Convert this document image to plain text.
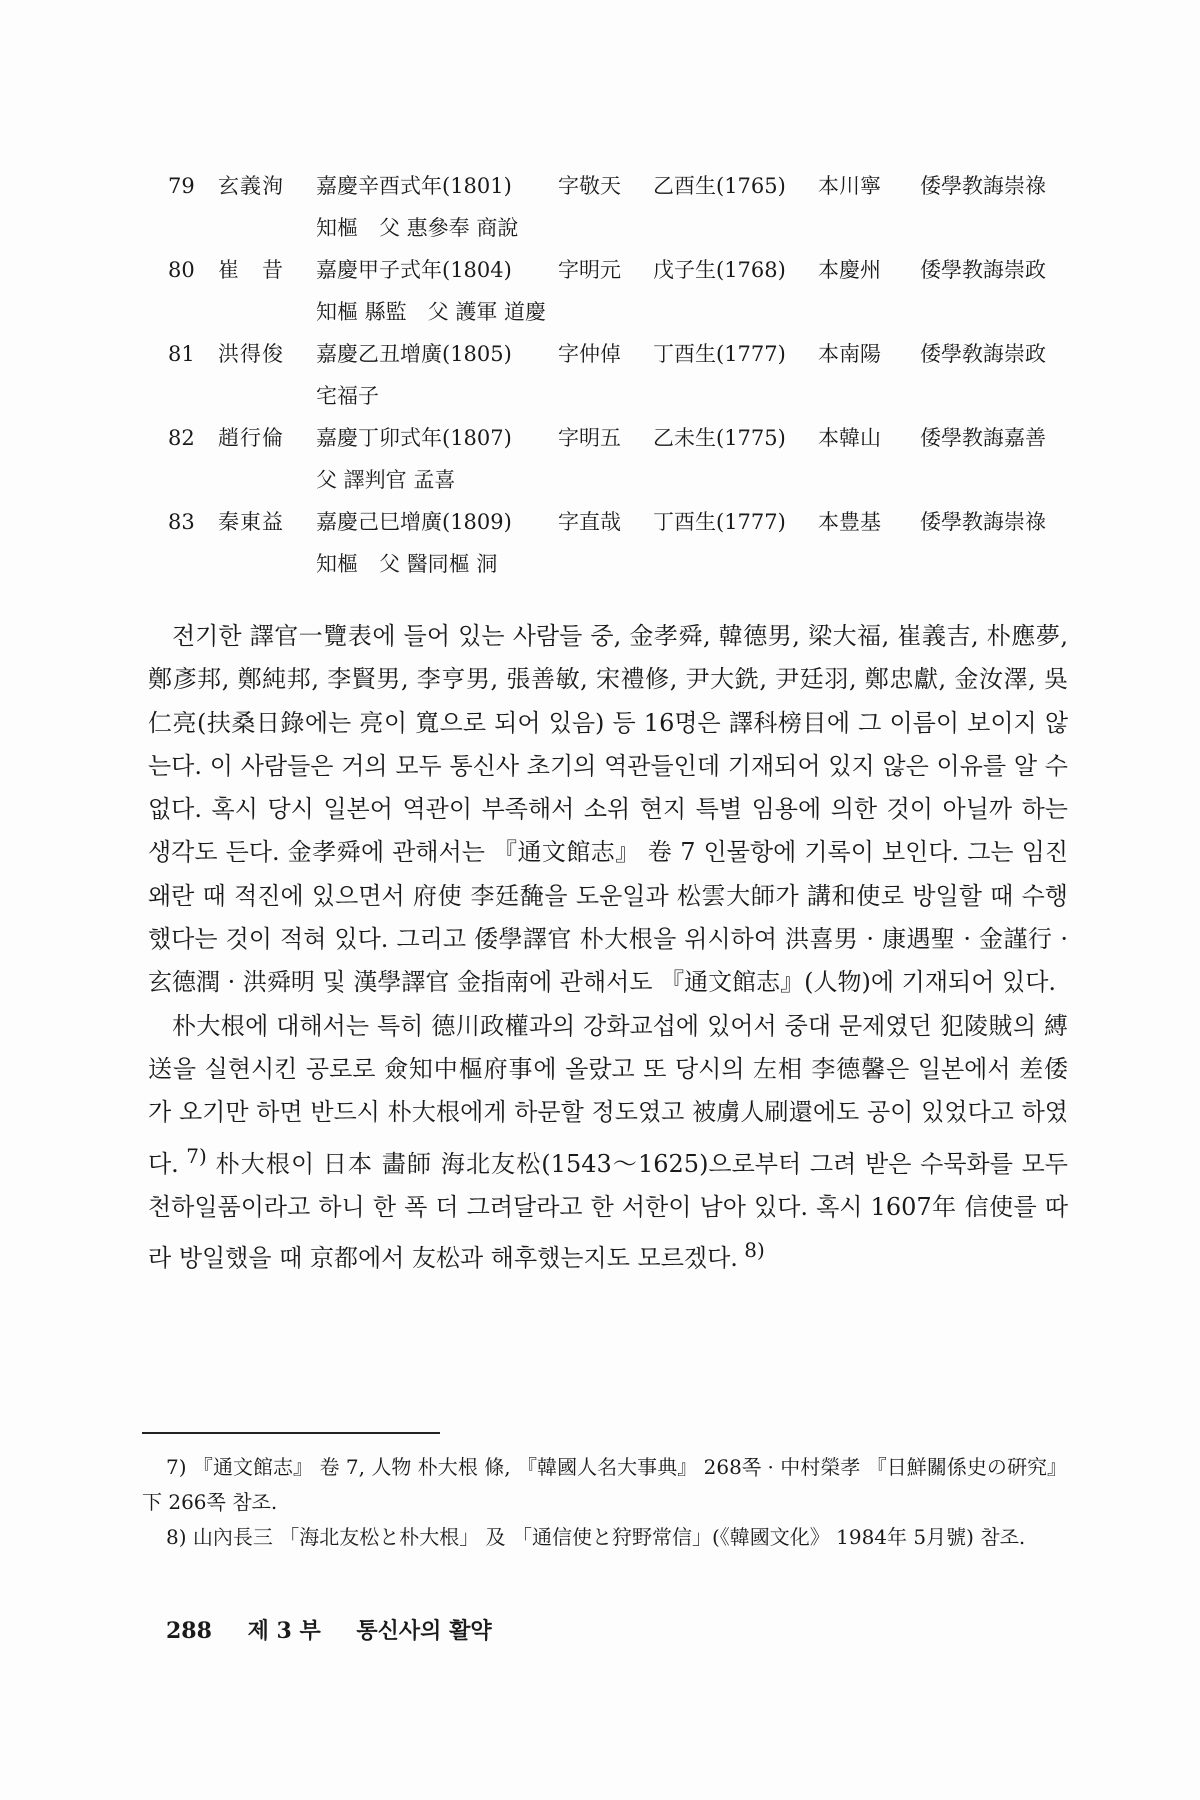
79 玄義洵 嘉慶辛酉式年(1801) 字敬天 乙酉生(1765) 本川寧 倭學教誨崇祿
知樞　父 惠參奉 商說
80 崔　昔 嘉慶甲子式年(1804) 字明元 戊子生(1768) 本慶州 倭學教誨崇政
知樞 縣監　父 護軍 道慶
81 洪得俊 嘉慶乙丑增廣(1805) 字仲倬 丁酉生(1777) 本南陽 倭學敎誨崇政
宅福子
82 趙行倫 嘉慶丁卯式年(1807) 字明五 乙未生(1775) 本韓山 倭學教誨嘉善
父 譯判官 孟喜
83 秦東益 嘉慶己巳增廣(1809) 字直哉 丁酉生(1777) 本豊基 倭學教誨崇祿
知樞　父 醫同樞 洞

전기한 譯官一覽表에 들어 있는 사람들 중, 金孝舜, 韓德男, 梁大福, 崔義吉, 朴應夢, 鄭彥邦, 鄭純邦, 李賢男, 李亨男, 張善敏, 宋禮修, 尹大銑, 尹廷羽, 鄭忠獻, 金汝澤, 吳仁亮(扶桑日錄에는 亮이 寬으로 되어 있음) 등 16명은 譯科榜目에 그 이름이 보이지 않는다. 이 사람들은 거의 모두 통신사 초기의 역관들인데 기재되어 있지 않은 이유를 알 수 없다. 혹시 당시 일본어 역관이 부족해서 소위 현지 특별 임용에 의한 것이 아닐까 하는 생각도 든다. 金孝舜에 관해서는 『通文館志』 卷 7 인물항에 기록이 보인다. 그는 임진왜란 때 적진에 있으면서 府使 李廷馣을 도운일과 松雲大師가 講和使로 방일할 때 수행했다는 것이 적혀 있다. 그리고 倭學譯官 朴大根을 위시하여 洪喜男 · 康遇聖 · 金謹行 · 玄德潤 · 洪舜明 및 漢學譯官 金指南에 관해서도 『通文館志』(人物)에 기재되어 있다.

朴大根에 대해서는 특히 德川政權과의 강화교섭에 있어서 중대 문제였던 犯陵賊의 縛送을 실현시킨 공로로 僉知中樞府事에 올랐고 또 당시의 左相 李德馨은 일본에서 差倭가 오기만 하면 반드시 朴大根에게 하문할 정도였고 被虜人刷還에도 공이 있었다고 하였다. $^{7)}$ 朴大根이 日本 畵師 海北友松(1543～1625)으로부터 그려 받은 수묵화를 모두 천하일품이라고 하니 한 폭 더 그려달라고 한 서한이 남아 있다. 혹시 1607年 信使를 따라 방일했을 때 京都에서 友松과 해후했는지도 모르겠다. $^{8)}$

7) 『通文館志』 卷 7, 人物 朴大根 條, 『韓國人名大事典』 268쪽 · 中村榮孝 『日鮮關係史の硏究』 下 266쪽 참조.

8) 山內長三 「海北友松と朴大根」 及 「通信使と狩野常信」(《韓國文化》 1984年 5月號) 참조.

288 제 3 부 통신사의 활약
